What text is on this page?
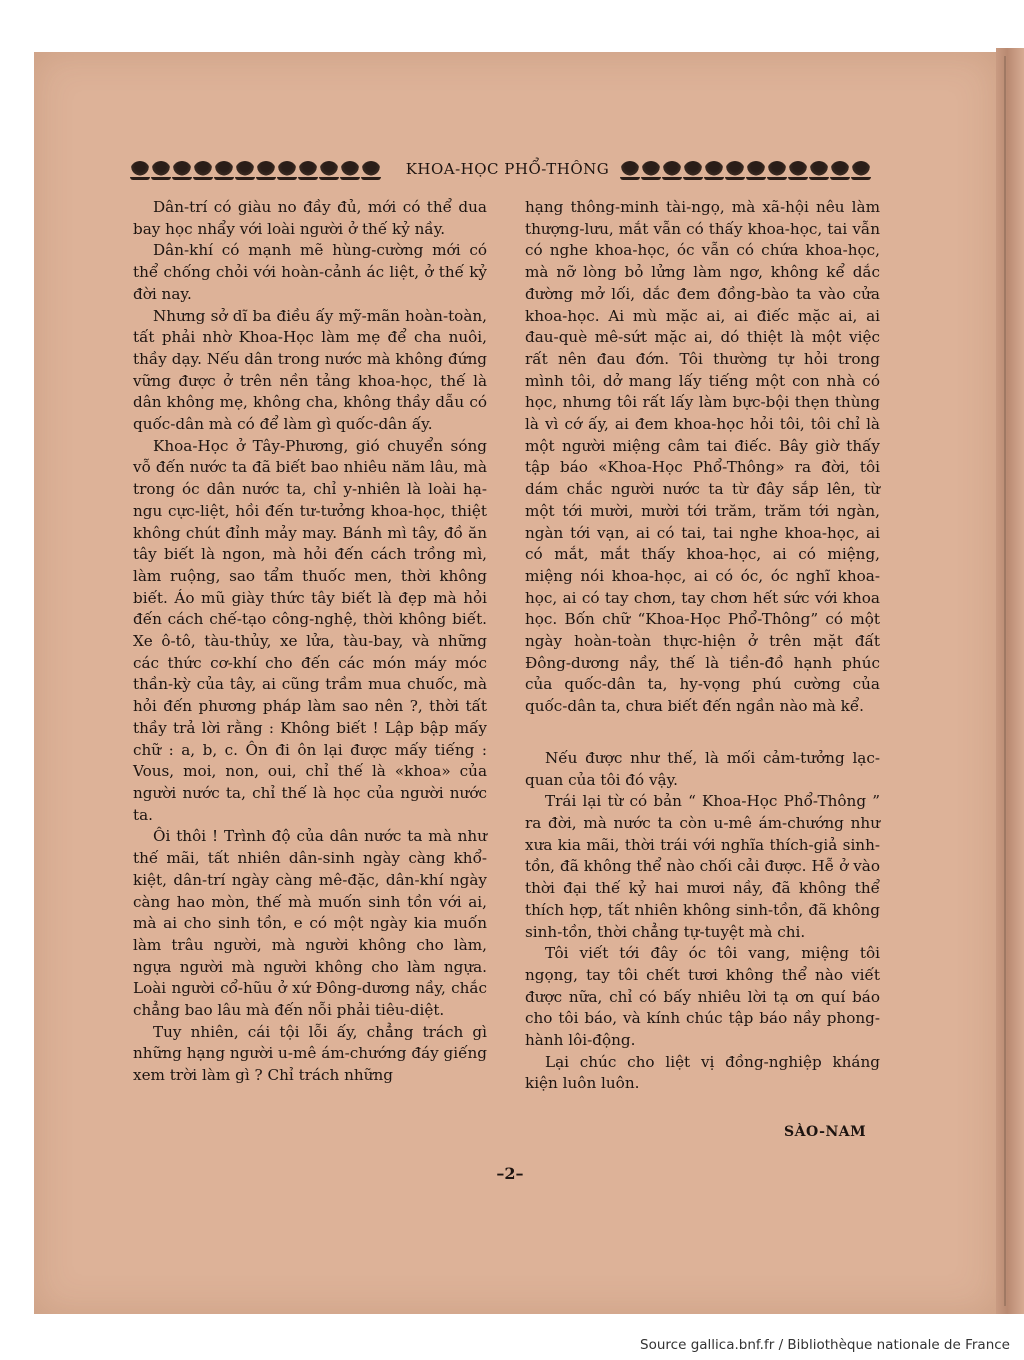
KHOA-HỌC PHỔ-THÔNG

Dân-trí có giàu no đầy đủ, mới có thể dua bay học nhẩy với loài người ở thế kỷ nầy.

Dân-khí có mạnh mẽ hùng-cường mới có thể chống chỏi với hoàn-cảnh ác liệt, ở thế kỷ đời nay.

Nhưng sở dĩ ba điều ấy mỹ-mãn hoàn-toàn, tất phải nhờ Khoa-Học làm mẹ để cha nuôi, thầy dạy. Nếu dân trong nước mà không đứng vững được ở trên nền tảng khoa-học, thế là dân không mẹ, không cha, không thầy dẫu có quốc-dân mà có để làm gì quốc-dân ấy.

Khoa-Học ở Tây-Phương, gió chuyển sóng vỗ đến nước ta đã biết bao nhiêu năm lâu, mà trong óc dân nước ta, chỉ y-nhiên là loài hạ-ngu cực-liệt, hồi đến tư-tưởng khoa-học, thiệt không chút đỉnh mảy may. Bánh mì tây, đồ ăn tây biết là ngon, mà hỏi đến cách trồng mì, làm ruộng, sao tẩm thuốc men, thời không biết. Áo mũ giày thức tây biết là đẹp mà hỏi đến cách chế-tạo công-nghệ, thời không biết. Xe ô-tô, tàu-thủy, xe lửa, tàu-bay, và những các thức cơ-khí cho đến các món máy móc thần-kỳ của tây, ai cũng trầm mua chuốc, mà hỏi đến phương pháp làm sao nên ?, thời tất thầy trả lời rằng : Không biết ! Lập bập mấy chữ : a, b, c. Ôn đi ôn lại được mấy tiếng : Vous, moi, non, oui, chỉ thế là «khoa» của người nước ta, chỉ thế là học của người nước ta.

Ôi thôi ! Trình độ của dân nước ta mà như thế mãi, tất nhiên dân-sinh ngày càng khổ-kiệt, dân-trí ngày càng mê-đặc, dân-khí ngày càng hao mòn, thế mà muốn sinh tồn với ai, mà ai cho sinh tồn, e có một ngày kia muốn làm trâu người, mà người không cho làm, ngựa người mà người không cho làm ngựa. Loài người cổ-hũu ở xứ Đông-dương nầy, chắc chẳng bao lâu mà đến nỗi phải tiêu-diệt.

Tuy nhiên, cái tội lỗi ấy, chẳng trách gì những hạng người u-mê ám-chướng đáy giếng xem trời làm gì ? Chỉ trách những

hạng thông-minh tài-ngọ, mà xã-hội nêu làm thượng-lưu, mắt vẫn có thấy khoa-học, tai vẫn có nghe khoa-học, óc vẫn có chứa khoa-học, mà nỡ lòng bỏ lửng làm ngơ, không kể dắc đường mở lối, dắc đem đồng-bào ta vào cửa khoa-học. Ai mù mặc ai, ai điếc mặc ai, ai đau-què mê-sứt mặc ai, dó thiệt là một việc rất nên đau đớn. Tôi thường tự hỏi trong mình tôi, dở mang lấy tiếng một con nhà có học, nhưng tôi rất lấy làm bực-bội thẹn thùng là vì cớ ấy, ai đem khoa-học hỏi tôi, tôi chỉ là một người miệng câm tai điếc. Bây giờ thấy tập báo «Khoa-Học Phổ-Thông» ra đời, tôi dám chắc người nước ta từ đây sắp lên, từ một tới mười, mười tới trăm, trăm tới ngàn, ngàn tới vạn, ai có tai, tai nghe khoa-học, ai có mắt, mắt thấy khoa-học, ai có miệng, miệng nói khoa-học, ai có óc, óc nghĩ khoa-học, ai có tay chơn, tay chơn hết sức với khoa học. Bốn chữ “Khoa-Học Phổ-Thông” có một ngày hoàn-toàn thực-hiện ở trên mặt đất Đông-dương nầy, thế là tiền-đồ hạnh phúc của quốc-dân ta, hy-vọng phú cường của quốc-dân ta, chưa biết đến ngần nào mà kể.

Nếu được như thế, là mối cảm-tưởng lạc-quan của tôi đó vậy.

Trái lại từ có bản “ Khoa-Học Phổ-Thông ” ra đời, mà nước ta còn u-mê ám-chướng như xưa kia mãi, thời trái với nghĩa thích-giả sinh-tồn, đã không thể nào chối cải được. Hễ ở vào thời đại thế kỷ hai mươi nầy, đã không thể thích hợp, tất nhiên không sinh-tồn, đã không sinh-tồn, thời chẳng tự-tuyệt mà chi.

Tôi viết tới đây óc tôi vang, miệng tôi ngọng, tay tôi chết tươi không thể nào viết được nữa, chỉ có bấy nhiêu lời tạ ơn quí báo cho tôi báo, và kính chúc tập báo nầy phong-hành lôi-động.

Lại chúc cho liệt vị đồng-nghiệp kháng kiện luôn luôn.

SÀO-NAM
–2–
Source gallica.bnf.fr / Bibliothèque nationale de France
